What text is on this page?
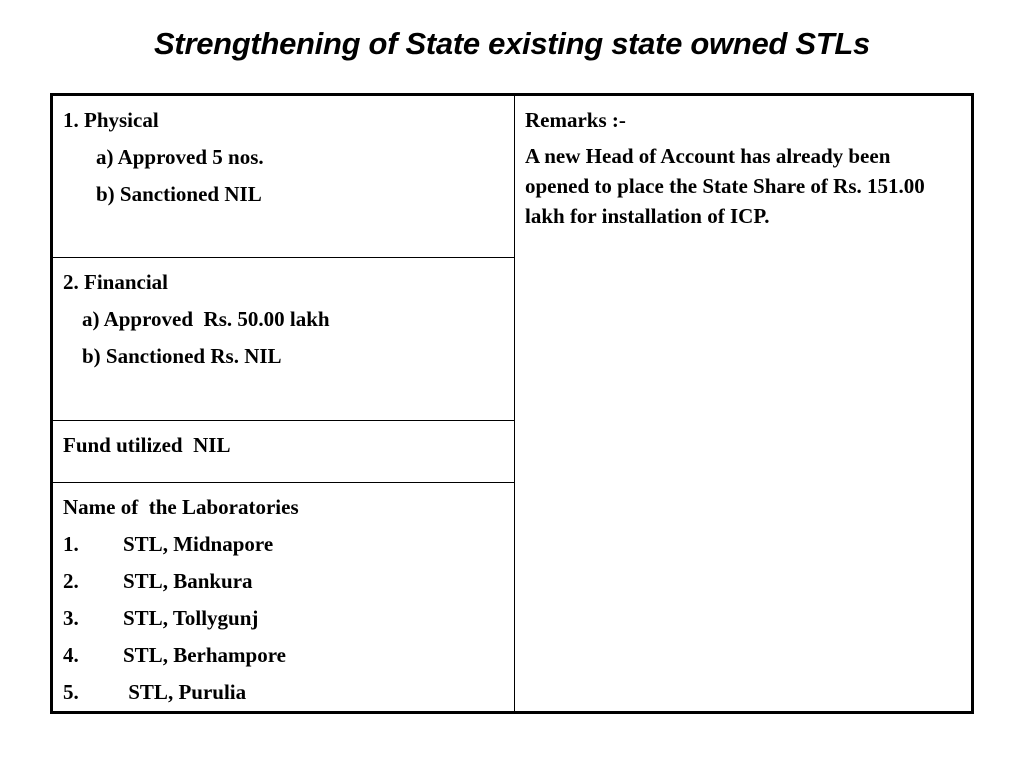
Strengthening of State existing state owned STLs
1. Physical
a) Approved 5 nos.
b) Sanctioned NIL
2. Financial
a) Approved  Rs. 50.00 lakh
b) Sanctioned Rs. NIL
Fund utilized  NIL
Name of  the Laboratories
1.	STL, Midnapore
2.	STL, Bankura
3.	STL, Tollygunj
4.	STL, Berhampore
5.	STL, Purulia
Remarks :-
A new Head of Account has already been opened to place the State Share of Rs. 151.00 lakh for installation of ICP.
